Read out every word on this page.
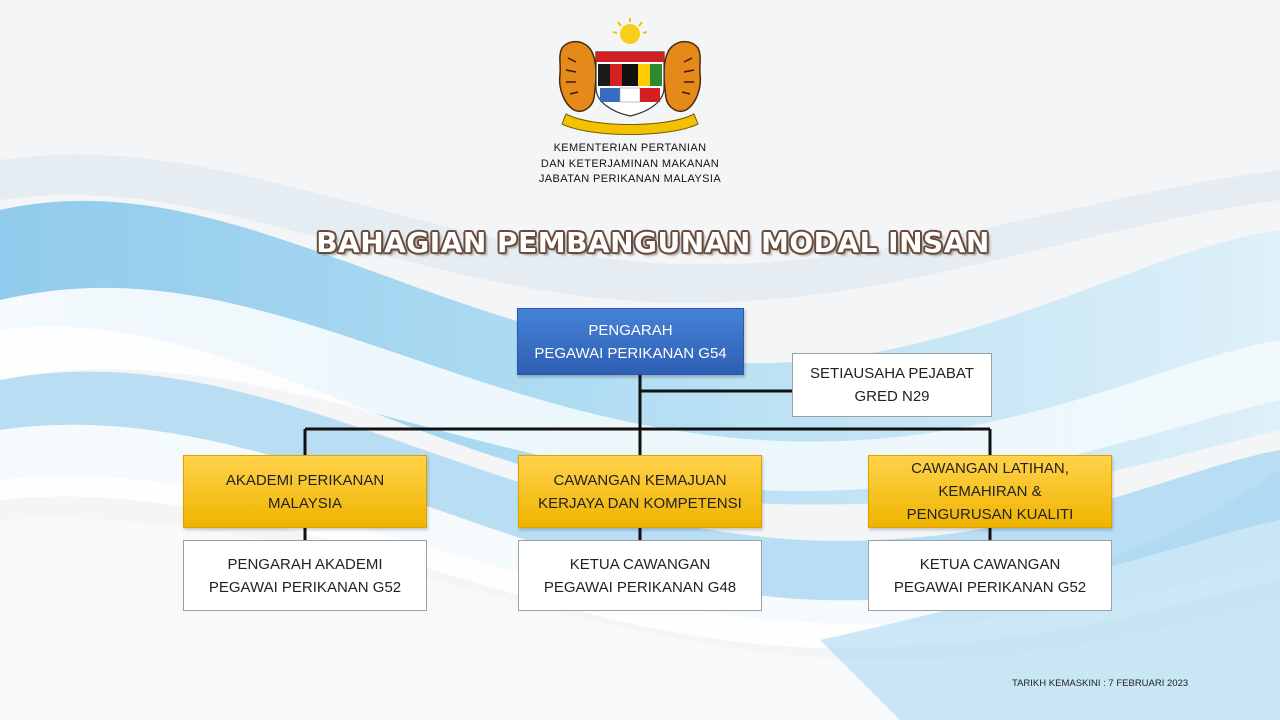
KEMENTERIAN PERTANIAN
DAN KETERJAMINAN MAKANAN
JABATAN PERIKANAN MALAYSIA
BAHAGIAN PEMBANGUNAN MODAL INSAN
PENGARAH
PEGAWAI PERIKANAN G54
SETIAUSAHA PEJABAT
GRED N29
AKADEMI PERIKANAN
MALAYSIA
CAWANGAN KEMAJUAN
KERJAYA DAN KOMPETENSI
CAWANGAN LATIHAN,
KEMAHIRAN &
PENGURUSAN KUALITI
PENGARAH AKADEMI
PEGAWAI PERIKANAN G52
KETUA CAWANGAN
PEGAWAI PERIKANAN G48
KETUA CAWANGAN
PEGAWAI PERIKANAN G52
TARIKH KEMASKINI : 7 FEBRUARI 2023
